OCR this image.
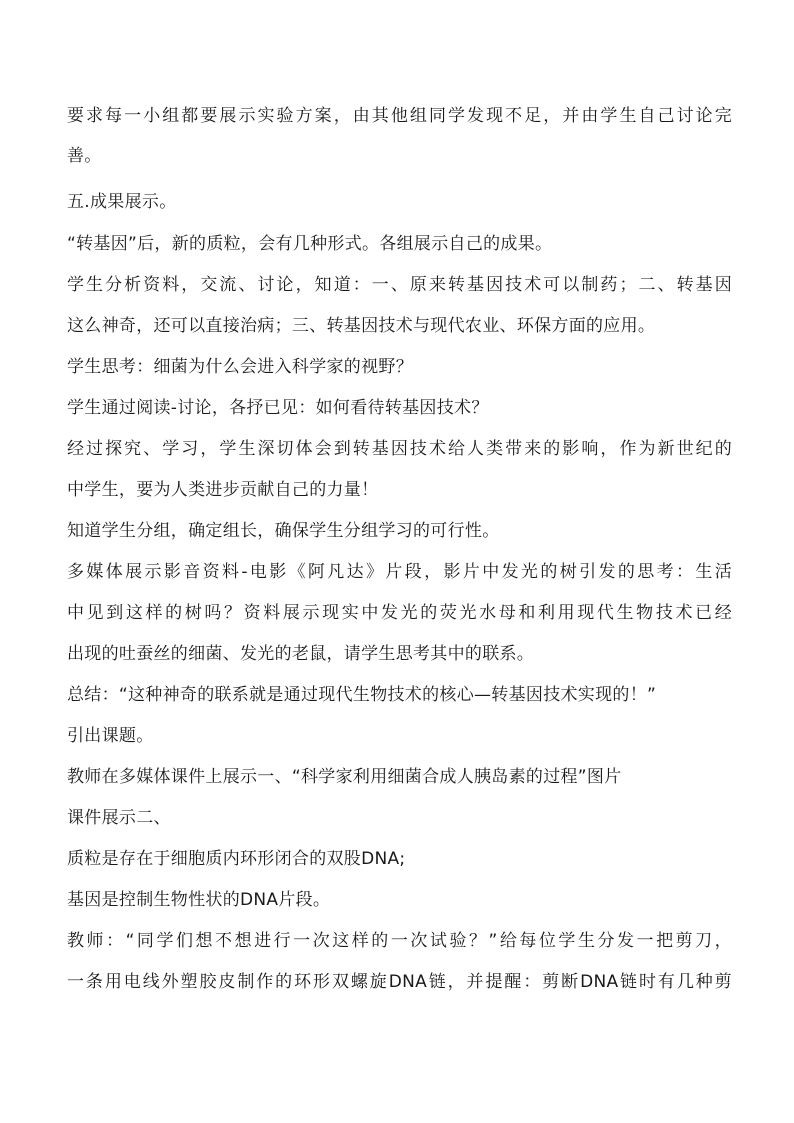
要求每一小组都要展示实验方案，由其他组同学发现不足，并由学生自己讨论完

善。

五.成果展示。

“转基因”后，新的质粒，会有几种形式。各组展示自己的成果。

学生分析资料，交流、讨论，知道：一、原来转基因技术可以制药；二、转基因

这么神奇，还可以直接治病；三、转基因技术与现代农业、环保方面的应用。

学生思考：细菌为什么会进入科学家的视野？

学生通过阅读-讨论，各抒已见：如何看待转基因技术？

经过探究、学习，学生深切体会到转基因技术给人类带来的影响，作为新世纪的

中学生，要为人类进步贡献自己的力量！

知道学生分组，确定组长，确保学生分组学习的可行性。

多媒体展示影音资料-电影《阿凡达》片段，影片中发光的树引发的思考：生活

中见到这样的树吗？资料展示现实中发光的荧光水母和利用现代生物技术已经

出现的吐蚕丝的细菌、发光的老鼠，请学生思考其中的联系。

总结：“这种神奇的联系就是通过现代生物技术的核心—转基因技术实现的！”

引出课题。

教师在多媒体课件上展示一、“科学家利用细菌合成人胰岛素的过程”图片

课件展示二、

质粒是存在于细胞质内环形闭合的双股DNA;

基因是控制生物性状的DNA片段。

教师：“同学们想不想进行一次这样的一次试验？”给每位学生分发一把剪刀，

一条用电线外塑胶皮制作的环形双螺旋DNA链，并提醒：剪断DNA链时有几种剪
